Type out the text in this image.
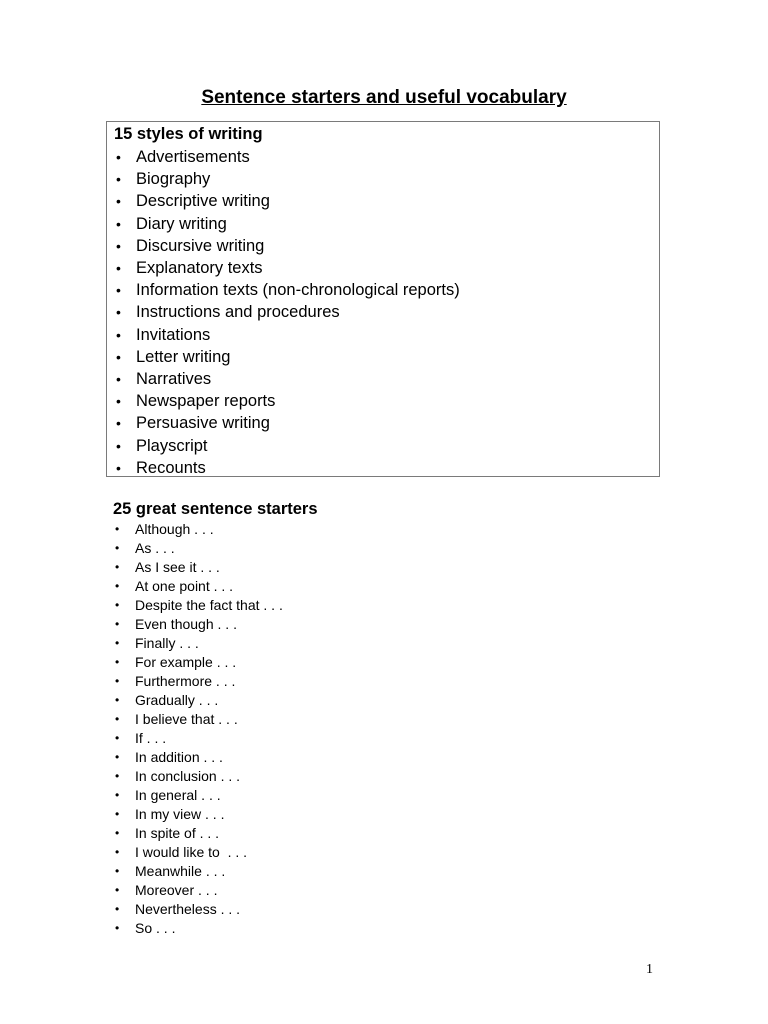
Sentence starters and useful vocabulary

15 styles of writing

• Advertisements
• Biography
• Descriptive writing
• Diary writing
• Discursive writing
• Explanatory texts
• Information texts (non-chronological reports)
• Instructions and procedures
• Invitations
• Letter writing
• Narratives
• Newspaper reports
• Persuasive writing
• Playscript
• Recounts

25 great sentence starters

• Although . . .
• As . . .
• As I see it . . .
• At one point . . .
• Despite the fact that . . .
• Even though . . .
• Finally . . .
• For example . . .
• Furthermore . . .
• Gradually . . .
• I believe that . . .
• If . . .
• In addition . . .
• In conclusion . . .
• In general . . .
• In my view . . .
• In spite of . . .
• I would like to  . . .
• Meanwhile . . .
• Moreover . . .
• Nevertheless . . .
• So . . .
1
